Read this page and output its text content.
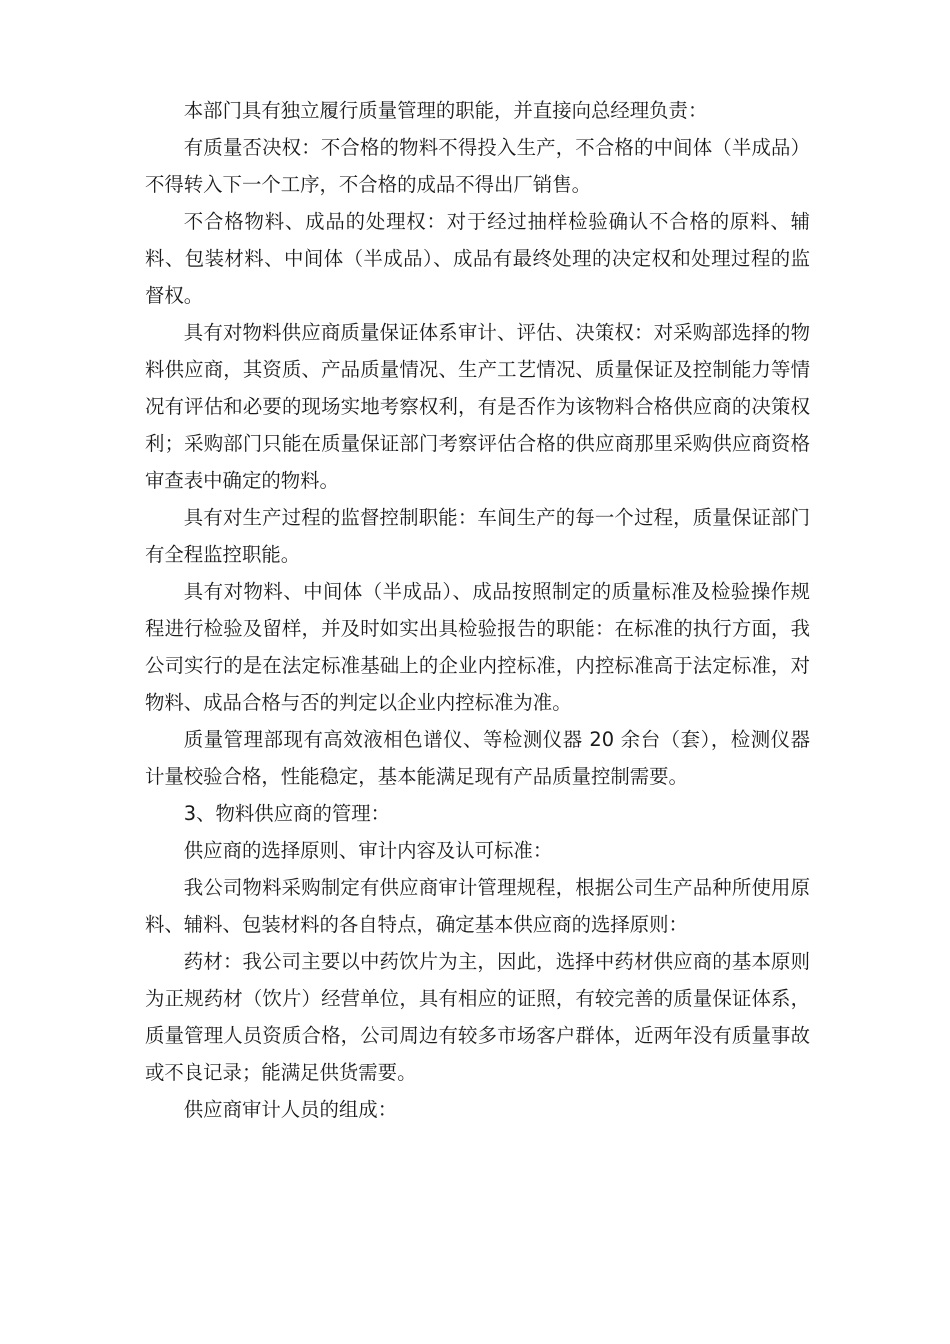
本部门具有独立履行质量管理的职能，并直接向总经理负责：

有质量否决权：不合格的物料不得投入生产，不合格的中间体（半成品）不得转入下一个工序，不合格的成品不得出厂销售。

不合格物料、成品的处理权：对于经过抽样检验确认不合格的原料、辅料、包装材料、中间体（半成品）、成品有最终处理的决定权和处理过程的监督权。

具有对物料供应商质量保证体系审计、评估、决策权：对采购部选择的物料供应商，其资质、产品质量情况、生产工艺情况、质量保证及控制能力等情况有评估和必要的现场实地考察权利，有是否作为该物料合格供应商的决策权利；采购部门只能在质量保证部门考察评估合格的供应商那里采购供应商资格审查表中确定的物料。

具有对生产过程的监督控制职能：车间生产的每一个过程，质量保证部门有全程监控职能。

具有对物料、中间体（半成品）、成品按照制定的质量标准及检验操作规程进行检验及留样，并及时如实出具检验报告的职能：在标准的执行方面，我公司实行的是在法定标准基础上的企业内控标准，内控标准高于法定标准，对物料、成品合格与否的判定以企业内控标准为准。

质量管理部现有高效液相色谱仪、等检测仪器 20 余台（套），检测仪器计量校验合格，性能稳定，基本能满足现有产品质量控制需要。

3、物料供应商的管理：

供应商的选择原则、审计内容及认可标准：

我公司物料采购制定有供应商审计管理规程，根据公司生产品种所使用原料、辅料、包装材料的各自特点，确定基本供应商的选择原则：

药材：我公司主要以中药饮片为主，因此，选择中药材供应商的基本原则为正规药材（饮片）经营单位，具有相应的证照，有较完善的质量保证体系，质量管理人员资质合格，公司周边有较多市场客户群体，近两年没有质量事故或不良记录；能满足供货需要。

供应商审计人员的组成：
